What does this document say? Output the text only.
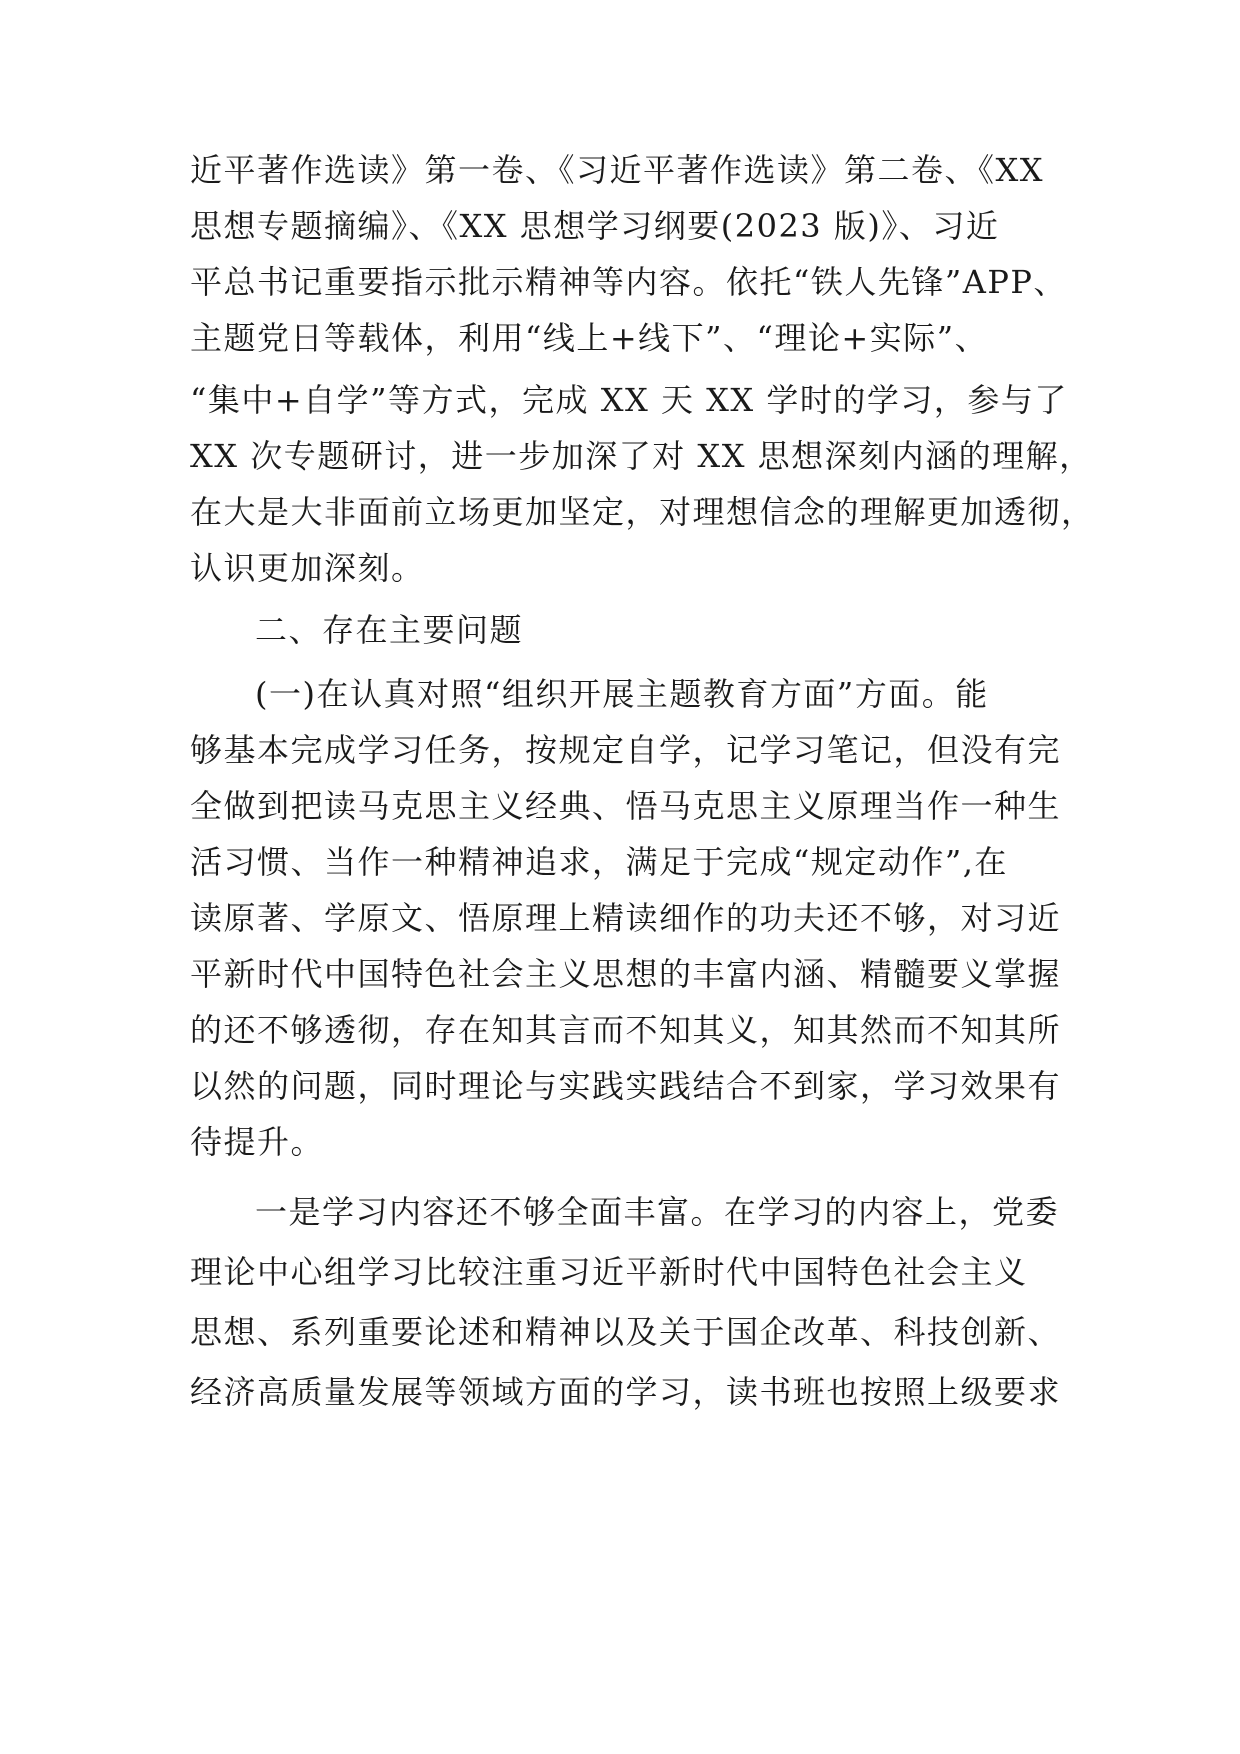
近平著作选读》第一卷、《习近平著作选读》第二卷、《XX
思想专题摘编》、《XX 思想学习纲要(2023 版)》、习近
平总书记重要指示批示精神等内容。依托“铁人先锋”APP、
主题党日等载体，利用“线上+线下”、“理论+实际”、
“集中+自学”等方式，完成 XX 天 XX 学时的学习，参与了
XX 次专题研讨，进一步加深了对 XX 思想深刻内涵的理解，
在大是大非面前立场更加坚定，对理想信念的理解更加透彻，
认识更加深刻。
二、存在主要问题
(一)在认真对照“组织开展主题教育方面”方面。能
够基本完成学习任务，按规定自学，记学习笔记，但没有完
全做到把读马克思主义经典、悟马克思主义原理当作一种生
活习惯、当作一种精神追求，满足于完成“规定动作”,在
读原著、学原文、悟原理上精读细作的功夫还不够，对习近
平新时代中国特色社会主义思想的丰富内涵、精髓要义掌握
的还不够透彻，存在知其言而不知其义，知其然而不知其所
以然的问题，同时理论与实践实践结合不到家，学习效果有
待提升。
一是学习内容还不够全面丰富。在学习的内容上，党委
理论中心组学习比较注重习近平新时代中国特色社会主义
思想、系列重要论述和精神以及关于国企改革、科技创新、
经济高质量发展等领域方面的学习，读书班也按照上级要求
